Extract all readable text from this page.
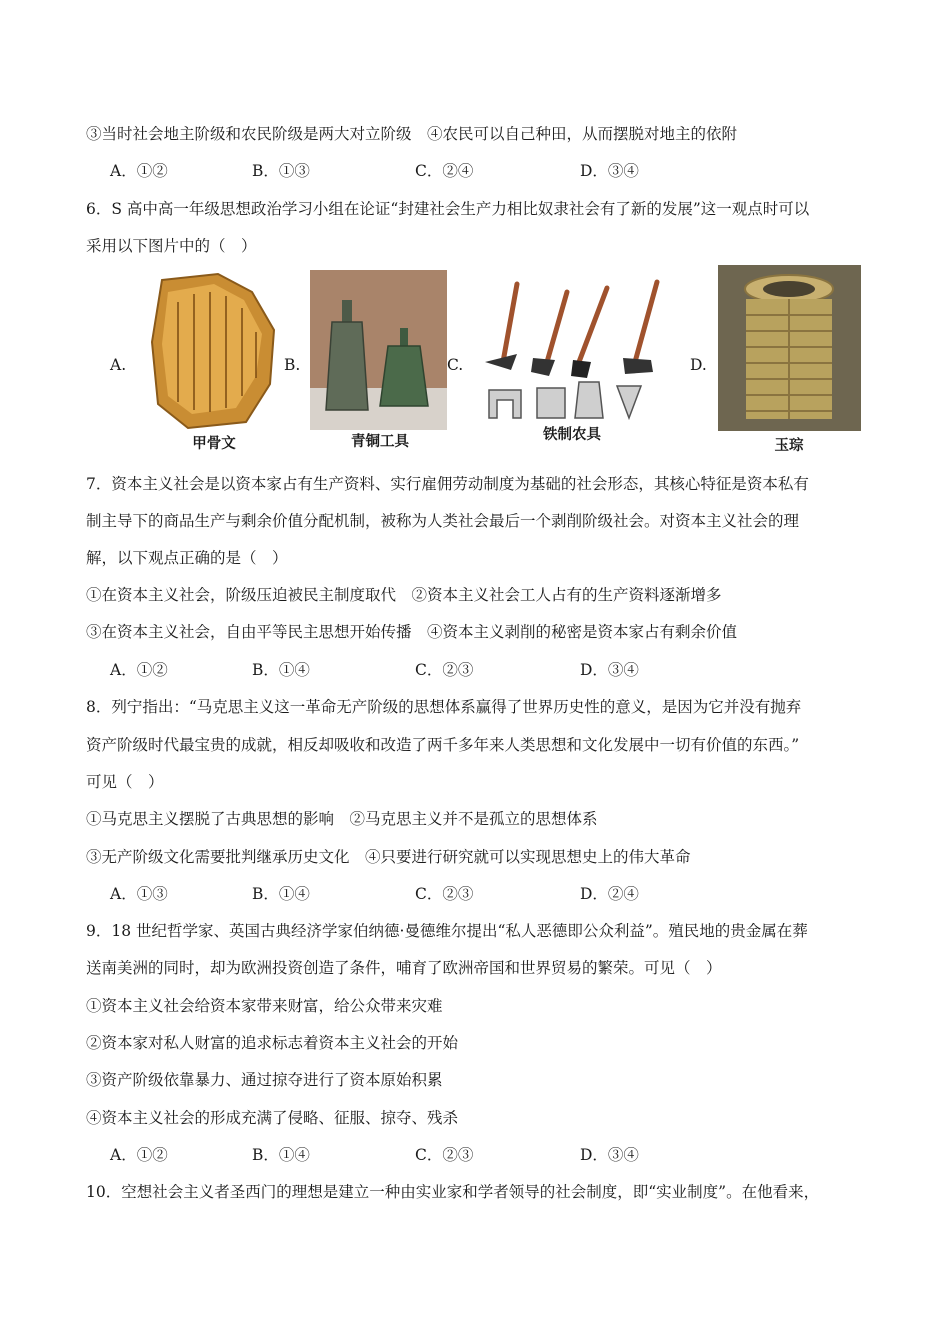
③当时社会地主阶级和农民阶级是两大对立阶级　④农民可以自己种田，从而摆脱对地主的依附
A．①②	B．①③	C．②④	D．③④
6．S 高中高一年级思想政治学习小组在论证“封建社会生产力相比奴隶社会有了新的发展”这一观点时可以
采用以下图片中的（　）
A.
甲骨文
B.
青铜工具
C.
铁制农具
D.
玉琮
7．资本主义社会是以资本家占有生产资料、实行雇佣劳动制度为基础的社会形态，其核心特征是资本私有
制主导下的商品生产与剩余价值分配机制，被称为人类社会最后一个剥削阶级社会。对资本主义社会的理
解，以下观点正确的是（　）
①在资本主义社会，阶级压迫被民主制度取代　②资本主义社会工人占有的生产资料逐渐增多
③在资本主义社会，自由平等民主思想开始传播　④资本主义剥削的秘密是资本家占有剩余价值
A．①②	B．①④	C．②③	D．③④
8．列宁指出：“马克思主义这一革命无产阶级的思想体系赢得了世界历史性的意义，是因为它并没有抛弃
资产阶级时代最宝贵的成就，相反却吸收和改造了两千多年来人类思想和文化发展中一切有价值的东西。”
可见（　）
①马克思主义摆脱了古典思想的影响　②马克思主义并不是孤立的思想体系
③无产阶级文化需要批判继承历史文化　④只要进行研究就可以实现思想史上的伟大革命
A．①③	B．①④	C．②③	D．②④
9．18 世纪哲学家、英国古典经济学家伯纳德·曼德维尔提出“私人恶德即公众利益”。殖民地的贵金属在葬
送南美洲的同时，却为欧洲投资创造了条件，哺育了欧洲帝国和世界贸易的繁荣。可见（　）
①资本主义社会给资本家带来财富，给公众带来灾难
②资本家对私人财富的追求标志着资本主义社会的开始
③资产阶级依靠暴力、通过掠夺进行了资本原始积累
④资本主义社会的形成充满了侵略、征服、掠夺、残杀
A．①②	B．①④	C．②③	D．③④
10．空想社会主义者圣西门的理想是建立一种由实业家和学者领导的社会制度，即“实业制度”。在他看来，
